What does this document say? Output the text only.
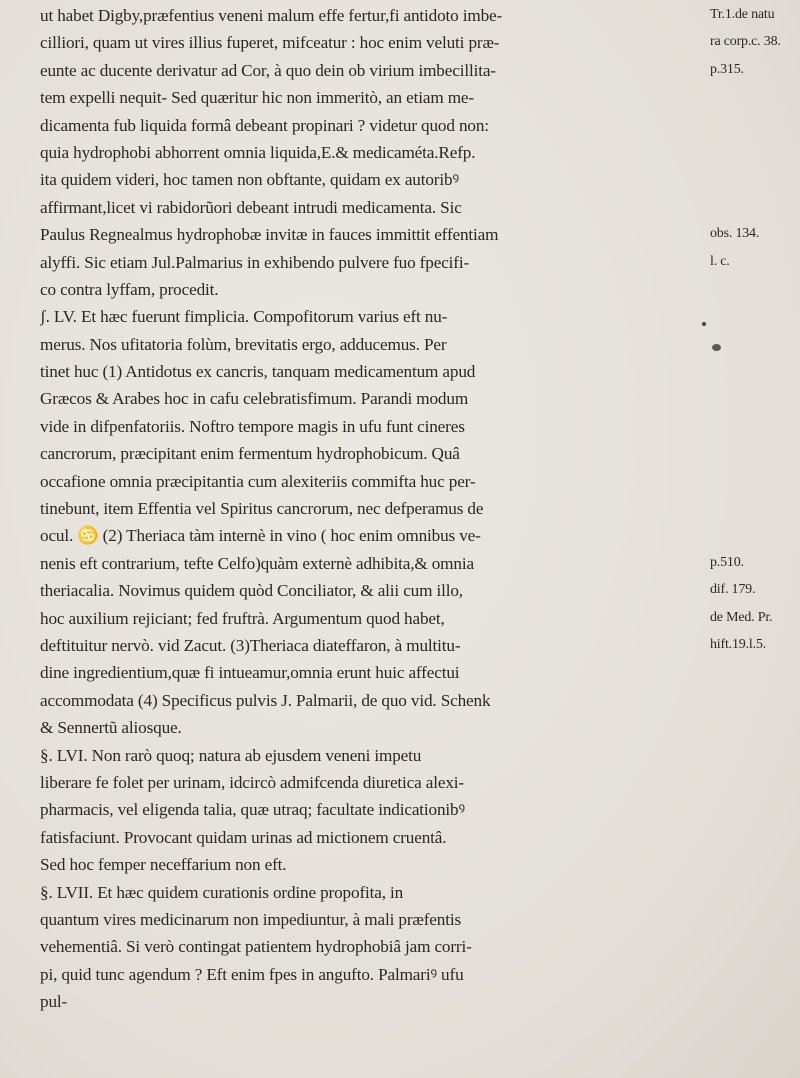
ut habet Digby,præfentius veneni malum effe fertur,fi antidoto imbe-
cilliori, quam ut vires illius fuperet, mifceatur : hoc enim veluti præ-
eunte ac ducente derivatur ad Cor, à quo dein ob virium imbecillita-
tem expelli nequit- Sed quæritur hic non immeritò, an etiam me-
dicamenta fub liquida formâ debeant propinari ? videtur quod non:
quia hydrophobi abhorrent omnia liquida,E.& medicaméta.Refp.
ita quidem videri, hoc tamen non obftante, quidam ex autoribꝰ
affirmant,licet vi rabidorũori debeant intrudi medicamenta. Sic
Paulus Regnealmus hydrophobæ invitæ in fauces immittit effentiam
alyffi. Sic etiam Jul.Palmarius in exhibendo pulvere fuo fpecifi-
co contra lyffam, procedit.
ʃ. LV. Et hæc fuerunt fimplicia. Compofitorum varius eft nu-
merus. Nos ufitatoria folùm, brevitatis ergo, adducemus. Per
tinet huc (1) Antidotus ex cancris, tanquam medicamentum apud
Græcos & Arabes hoc in cafu celebratisfimum. Parandi modum
vide in difpenfatoriis. Noftro tempore magis in ufu funt cineres
cancrorum, præcipitant enim fermentum hydrophobicum. Quâ
occafione omnia præcipitantia cum alexiteriis commifta huc per-
tinebunt, item Effentia vel Spiritus cancrorum, nec defperamus de
ocul. ♋ (2) Theriaca tàm internè in vino ( hoc enim omnibus ve-
nenis eft contrarium, tefte Celfo)quàm externè adhibita,& omnia
theriacalia. Novimus quidem quòd Conciliator, & alii cum illo,
hoc auxilium rejiciant; fed fruftrà. Argumentum quod habet,
deftituitur nervò. vid Zacut. (3)Theriaca diateffaron, à multitu-
dine ingredientium,quæ fi intueamur,omnia erunt huic affectui
accommodata (4) Specificus pulvis J. Palmarii, de quo vid. Schenk
& Sennertũ aliosque.
§. LVI. Non rarò quoq; natura ab ejusdem veneni impetu
liberare fe folet per urinam, idcircò admifcenda diuretica alexi-
pharmacis, vel eligenda talia, quæ utraq; facultate indicationibꝰ
fatisfaciunt. Provocant quidam urinas ad mictionem cruentâ.
Sed hoc femper neceffarium non eft.
§. LVII. Et hæc quidem curationis ordine propofita, in
quantum vires medicinarum non impediuntur, à mali præfentis
vehementiâ. Si verò contingat patientem hydrophobiâ jam corri-
pi, quid tunc agendum ? Eft enim fpes in angufto. Palmariꝰ ufu
pul-
Tr.1.de natu
ra corp.c. 38.
p.315.
obs. 134.
l. c.
p.510.
dif. 179.
de Med. Pr.
hift.19.l.5.
